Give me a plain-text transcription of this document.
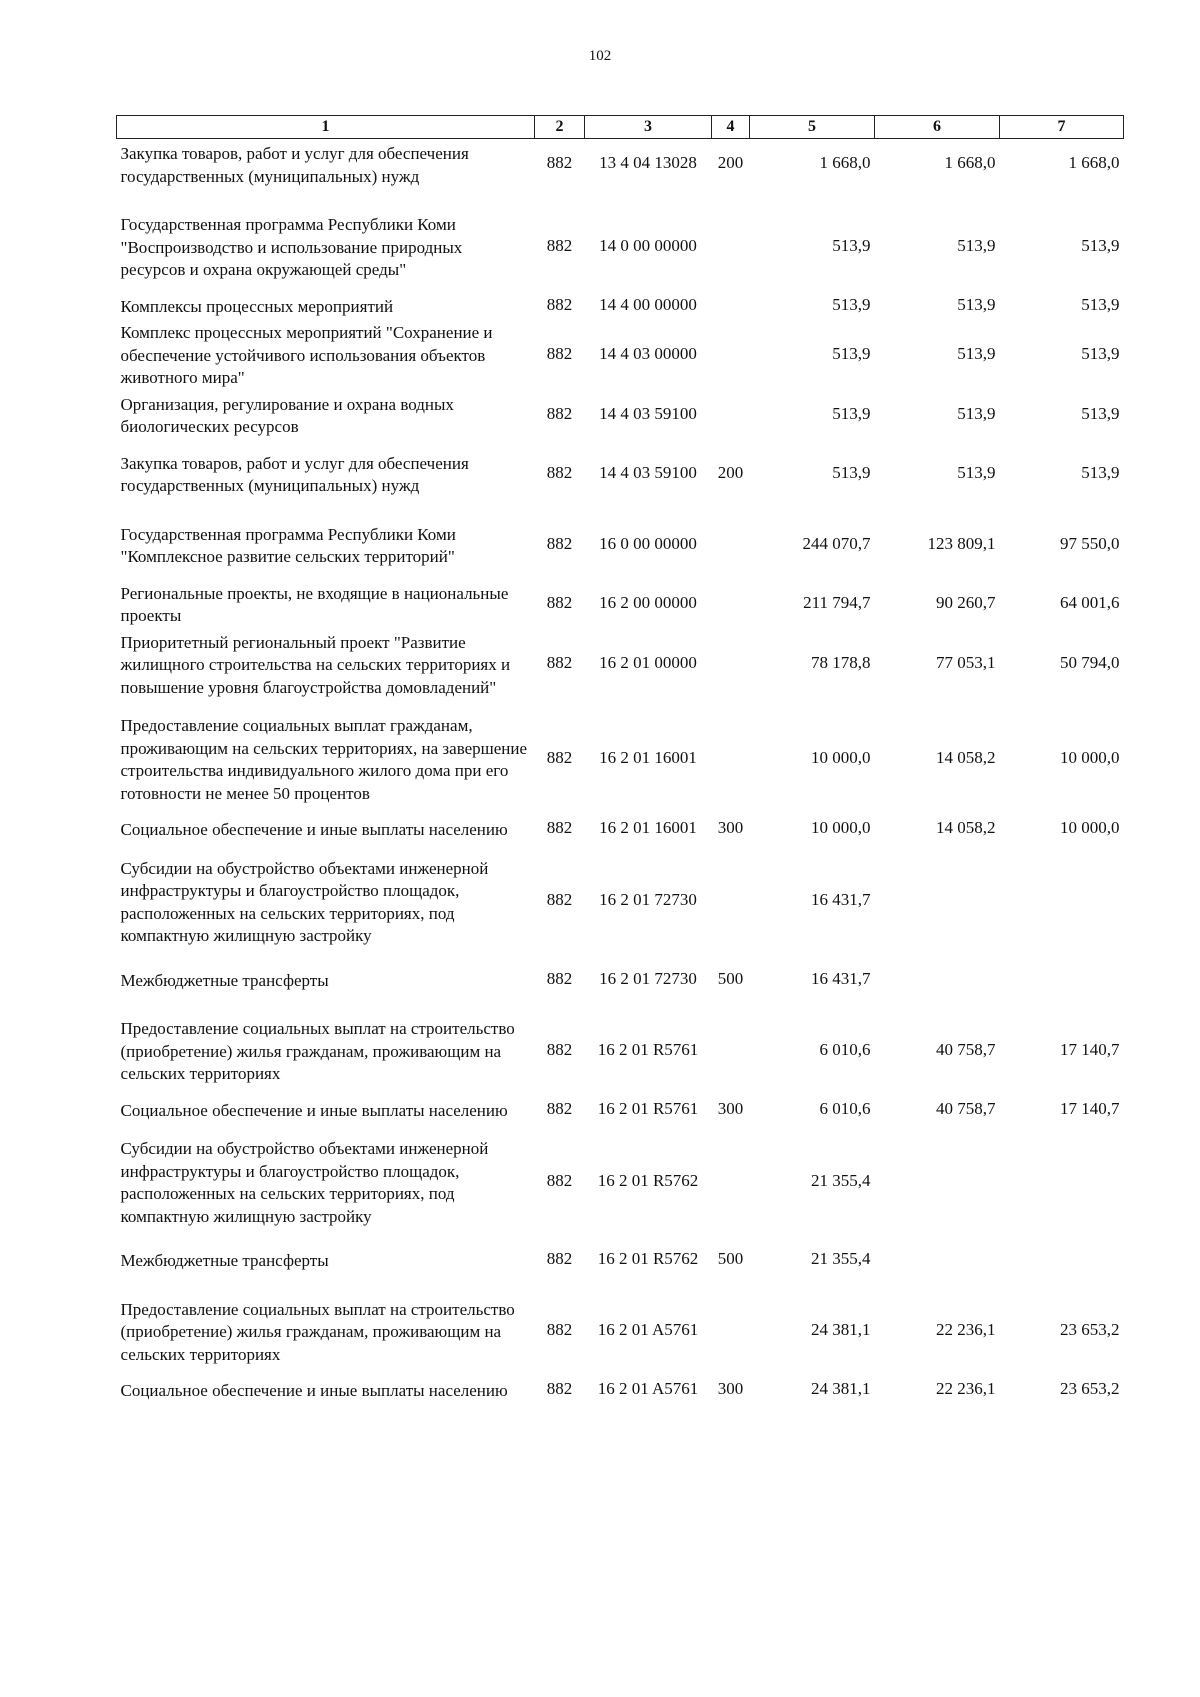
102
1	2	3	4	5	6	7
Закупка товаров, работ и услуг для обеспечения государственных (муниципальных) нужд	882	13 4 04 13028	200	1 668,0	1 668,0	1 668,0
Государственная программа Республики Коми "Воспроизводство и использование природных ресурсов и охрана окружающей среды"	882	14 0 00 00000		513,9	513,9	513,9
Комплексы процессных мероприятий	882	14 4 00 00000		513,9	513,9	513,9
Комплекс процессных мероприятий "Сохранение и обеспечение устойчивого использования объектов животного мира"	882	14 4 03 00000		513,9	513,9	513,9
Организация, регулирование и охрана водных биологических ресурсов	882	14 4 03 59100		513,9	513,9	513,9
Закупка товаров, работ и услуг для обеспечения государственных (муниципальных) нужд	882	14 4 03 59100	200	513,9	513,9	513,9
Государственная программа Республики Коми "Комплексное развитие сельских территорий"	882	16 0 00 00000		244 070,7	123 809,1	97 550,0
Региональные проекты, не входящие в национальные проекты	882	16 2 00 00000		211 794,7	90 260,7	64 001,6
Приоритетный региональный проект "Развитие жилищного строительства на сельских территориях и повышение уровня благоустройства домовладений"	882	16 2 01 00000		78 178,8	77 053,1	50 794,0
Предоставление социальных выплат гражданам, проживающим на сельских территориях, на завершение строительства индивидуального жилого дома при его готовности не менее 50 процентов	882	16 2 01 16001		10 000,0	14 058,2	10 000,0
Социальное обеспечение и иные выплаты населению	882	16 2 01 16001	300	10 000,0	14 058,2	10 000,0
Субсидии на обустройство объектами инженерной инфраструктуры и благоустройство площадок, расположенных на сельских территориях, под компактную жилищную застройку	882	16 2 01 72730		16 431,7		
Межбюджетные трансферты	882	16 2 01 72730	500	16 431,7		
Предоставление социальных выплат на строительство (приобретение) жилья гражданам, проживающим на сельских территориях	882	16 2 01 R5761		6 010,6	40 758,7	17 140,7
Социальное обеспечение и иные выплаты населению	882	16 2 01 R5761	300	6 010,6	40 758,7	17 140,7
Субсидии на обустройство объектами инженерной инфраструктуры и благоустройство площадок, расположенных на сельских территориях, под компактную жилищную застройку	882	16 2 01 R5762		21 355,4		
Межбюджетные трансферты	882	16 2 01 R5762	500	21 355,4		
Предоставление социальных выплат на строительство (приобретение) жилья гражданам, проживающим на сельских территориях	882	16 2 01 A5761		24 381,1	22 236,1	23 653,2
Социальное обеспечение и иные выплаты населению	882	16 2 01 A5761	300	24 381,1	22 236,1	23 653,2
